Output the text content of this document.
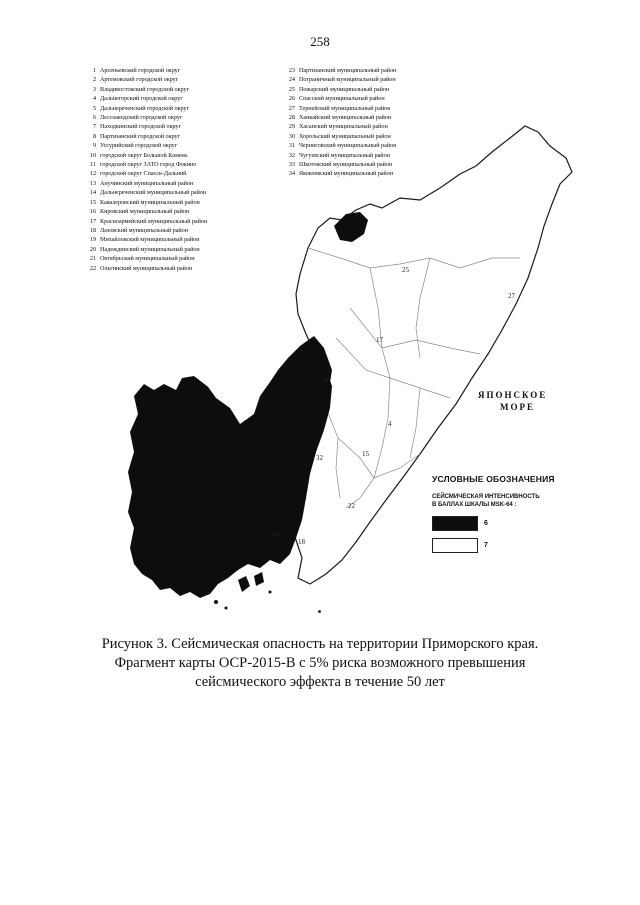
258
1 Арсеньевский городской округ
2 Артемовский городской округ
3 Владивостокский городской округ
4 Дальнегорский городской округ
5 Дальнереченский городской округ
6 Лесозаводский городской округ
7 Находкинский городской округ
8 Партизанский городской округ
9 Уссурийский городской округ
10 городской округ Большой Камень
11 городской округ ЗАТО город Фокино
12 городской округ Спасск-Дальний
13 Анучинский муниципальный район
14 Дальнереченский муниципальный район
15 Кавалеровский муниципальный район
16 Кировский муниципальный район
17 Красноармейский муниципальный район
18 Лазовский муниципальный район
19 Михайловский муниципальный район
20 Надеждинский муниципальный район
21 Октябрьский муниципальный район
22 Ольгинский муниципальный район
23 Партизанский муниципальный район
24 Пограничный муниципальный район
25 Пожарский муниципальный район
26 Спасский муниципальный район
27 Тернейский муниципальный район
28 Ханкайский муниципальный район
29 Хасанский муниципальный район
30 Хорольский муниципальный район
31 Черниговский муниципальный район
32 Чугуевский муниципальный район
33 Шкотовский муниципальный район
34 Яковлевский муниципальный район
25
27
17
14
4
15
32
22
23
18
ЯПОНСКОЕ
МОРЕ
УСЛОВНЫЕ ОБОЗНАЧЕНИЯ
СЕЙСМИЧЕСКАЯ ИНТЕНСИВНОСТЬ
В БАЛЛАХ ШКАЛЫ MSK-64 :
6
7
Рисунок 3. Сейсмическая опасность на территории Приморского края.
Фрагмент карты ОСР-2015-В с 5% риска возможного превышения
сейсмического эффекта в течение 50 лет
